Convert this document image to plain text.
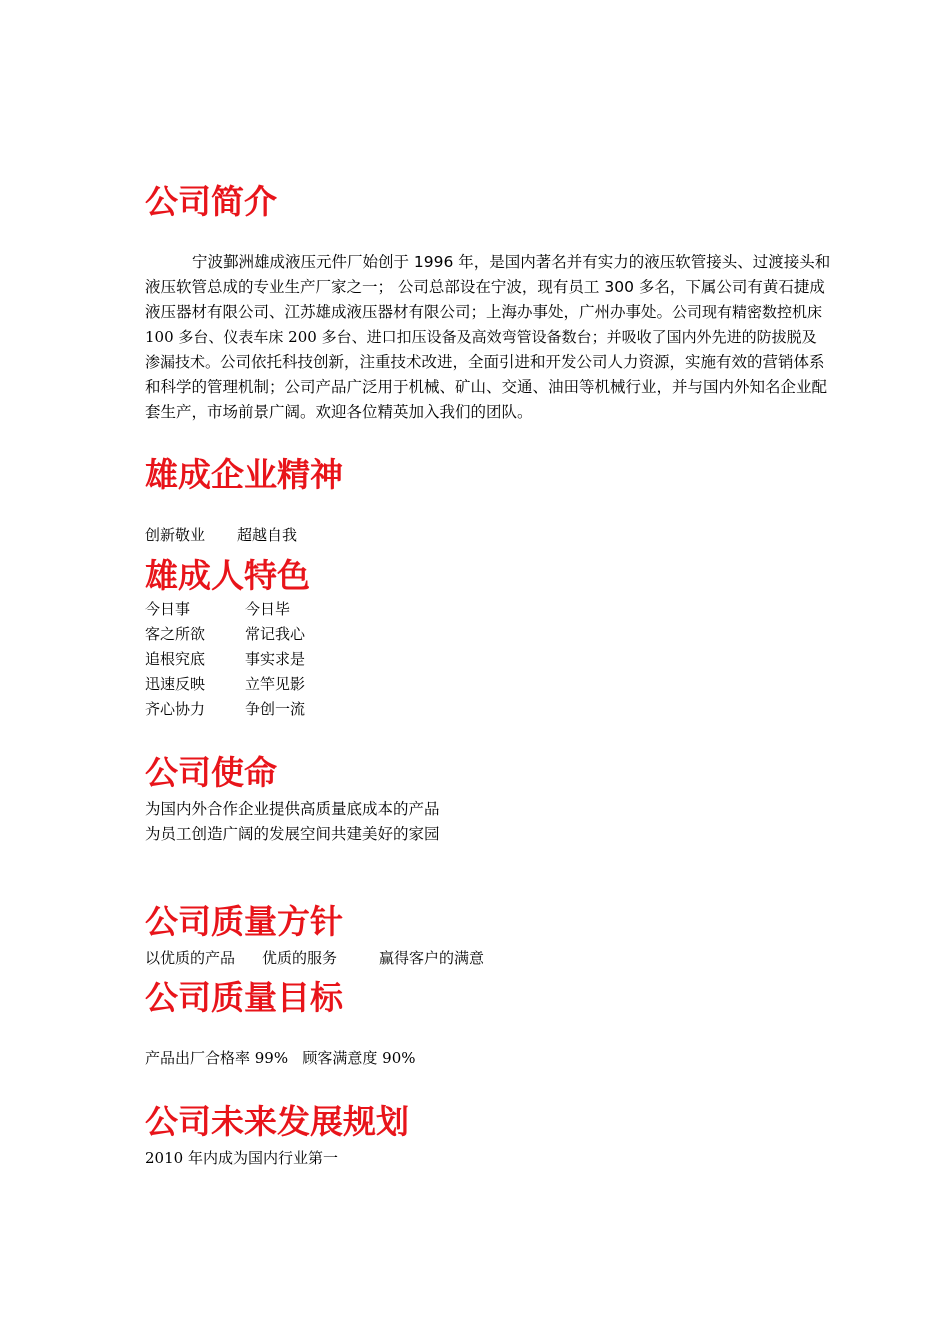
公司简介
宁波鄞洲雄成液压元件厂始创于 1996 年，是国内著名并有实力的液压软管接头、过渡接头和
液压软管总成的专业生产厂家之一； 公司总部设在宁波，现有员工 300 多名，下属公司有黄石捷成
液压器材有限公司、江苏雄成液压器材有限公司；上海办事处，广州办事处。公司现有精密数控机床
100 多台、仪表车床 200 多台、进口扣压设备及高效弯管设备数台；并吸收了国内外先进的防拔脱及
渗漏技术。公司依托科技创新，注重技术改进，全面引进和开发公司人力资源，实施有效的营销体系
和科学的管理机制；公司产品广泛用于机械、矿山、交通、油田等机械行业，并与国内外知名企业配
套生产，市场前景广阔。欢迎各位精英加入我们的团队。
雄成企业精神
创新敬业 超越自我
雄成人特色
今日事	今日毕
客之所欲	常记我心
追根究底	事实求是
迅速反映	立竿见影
齐心协力	争创一流
公司使命
为国内外合作企业提供高质量底成本的产品
为员工创造广阔的发展空间共建美好的家园
公司质量方针
以优质的产品 优质的服务	赢得客户的满意
公司质量目标
产品出厂合格率 99%   顾客满意度 90%
公司未来发展规划
2010 年内成为国内行业第一
